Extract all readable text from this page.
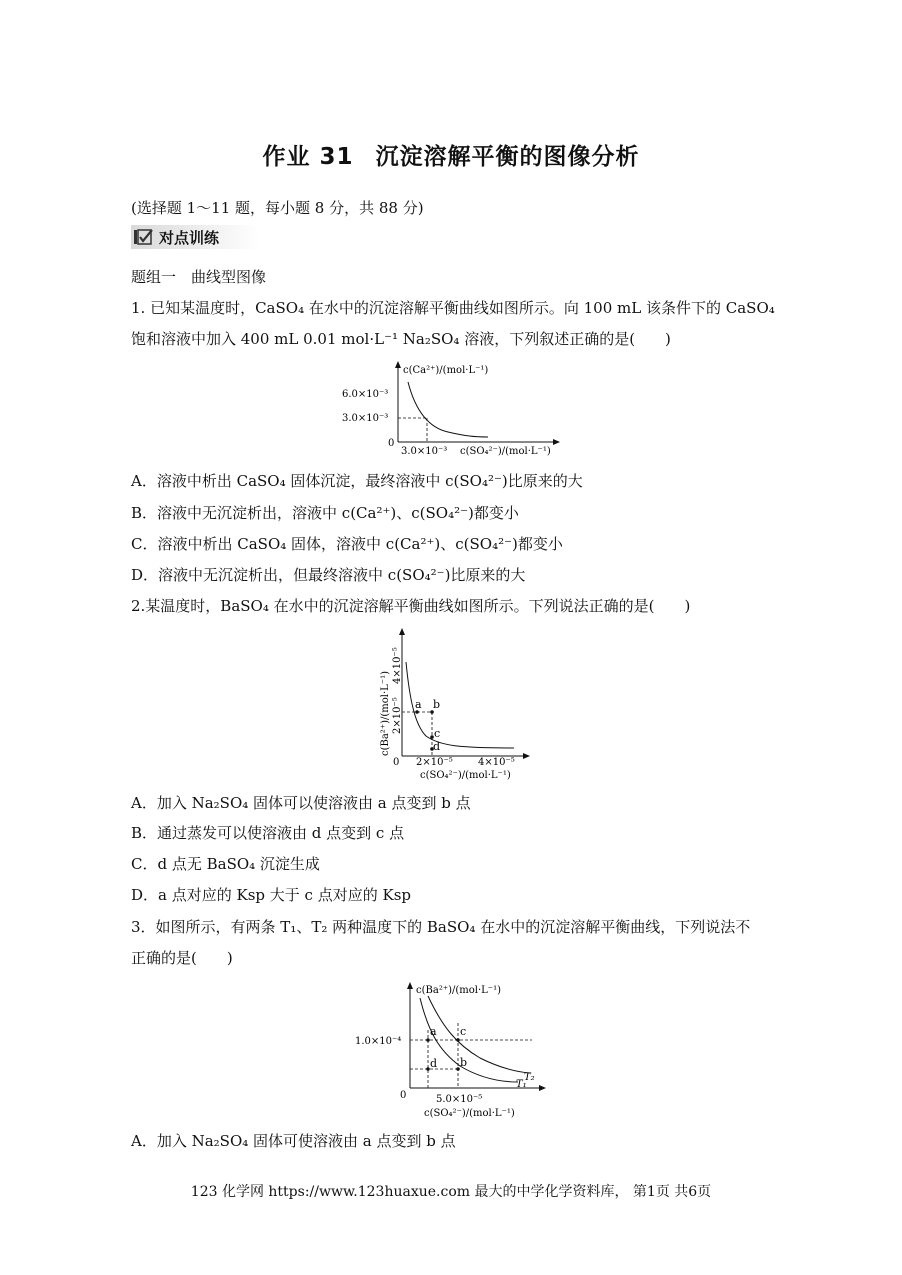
作业 31 沉淀溶解平衡的图像分析
(选择题 1～11 题，每小题 8 分，共 88 分)
对点训练
题组一　曲线型图像
1. 已知某温度时，CaSO₄ 在水中的沉淀溶解平衡曲线如图所示。向 100 mL 该条件下的 CaSO₄
饱和溶液中加入 400 mL 0.01 mol·L⁻¹ Na₂SO₄ 溶液，下列叙述正确的是(　　)
c(Ca²⁺)/(mol·L⁻¹)
6.0×10⁻³
3.0×10⁻³
0
3.0×10⁻³ c(SO₄²⁻)/(mol·L⁻¹)
A．溶液中析出 CaSO₄ 固体沉淀，最终溶液中 c(SO₄²⁻)比原来的大
B．溶液中无沉淀析出，溶液中 c(Ca²⁺)、c(SO₄²⁻)都变小
C．溶液中析出 CaSO₄ 固体，溶液中 c(Ca²⁺)、c(SO₄²⁻)都变小
D．溶液中无沉淀析出，但最终溶液中 c(SO₄²⁻)比原来的大
2.某温度时，BaSO₄ 在水中的沉淀溶解平衡曲线如图所示。下列说法正确的是(　　)
a b
c
d
c(Ba²⁺)/(mol·L⁻¹)
4×10⁻⁵
2×10⁻⁵
0 2×10⁻⁵	4×10⁻⁵
c(SO₄²⁻)/(mol·L⁻¹)
A．加入 Na₂SO₄ 固体可以使溶液由 a 点变到 b 点
B．通过蒸发可以使溶液由 d 点变到 c 点
C．d 点无 BaSO₄ 沉淀生成
D．a 点对应的 Ksp 大于 c 点对应的 Ksp
3．如图所示，有两条 T₁、T₂ 两种温度下的 BaSO₄ 在水中的沉淀溶解平衡曲线，下列说法不
正确的是(　　)
a
b
c
d
T₂
T₁
c(Ba²⁺)/(mol·L⁻¹)
1.0×10⁻⁴
0	5.0×10⁻⁵
c(SO₄²⁻)/(mol·L⁻¹)
A．加入 Na₂SO₄ 固体可使溶液由 a 点变到 b 点
123 化学网 https://www.123huaxue.com 最大的中学化学资料库， 第1页 共6页
